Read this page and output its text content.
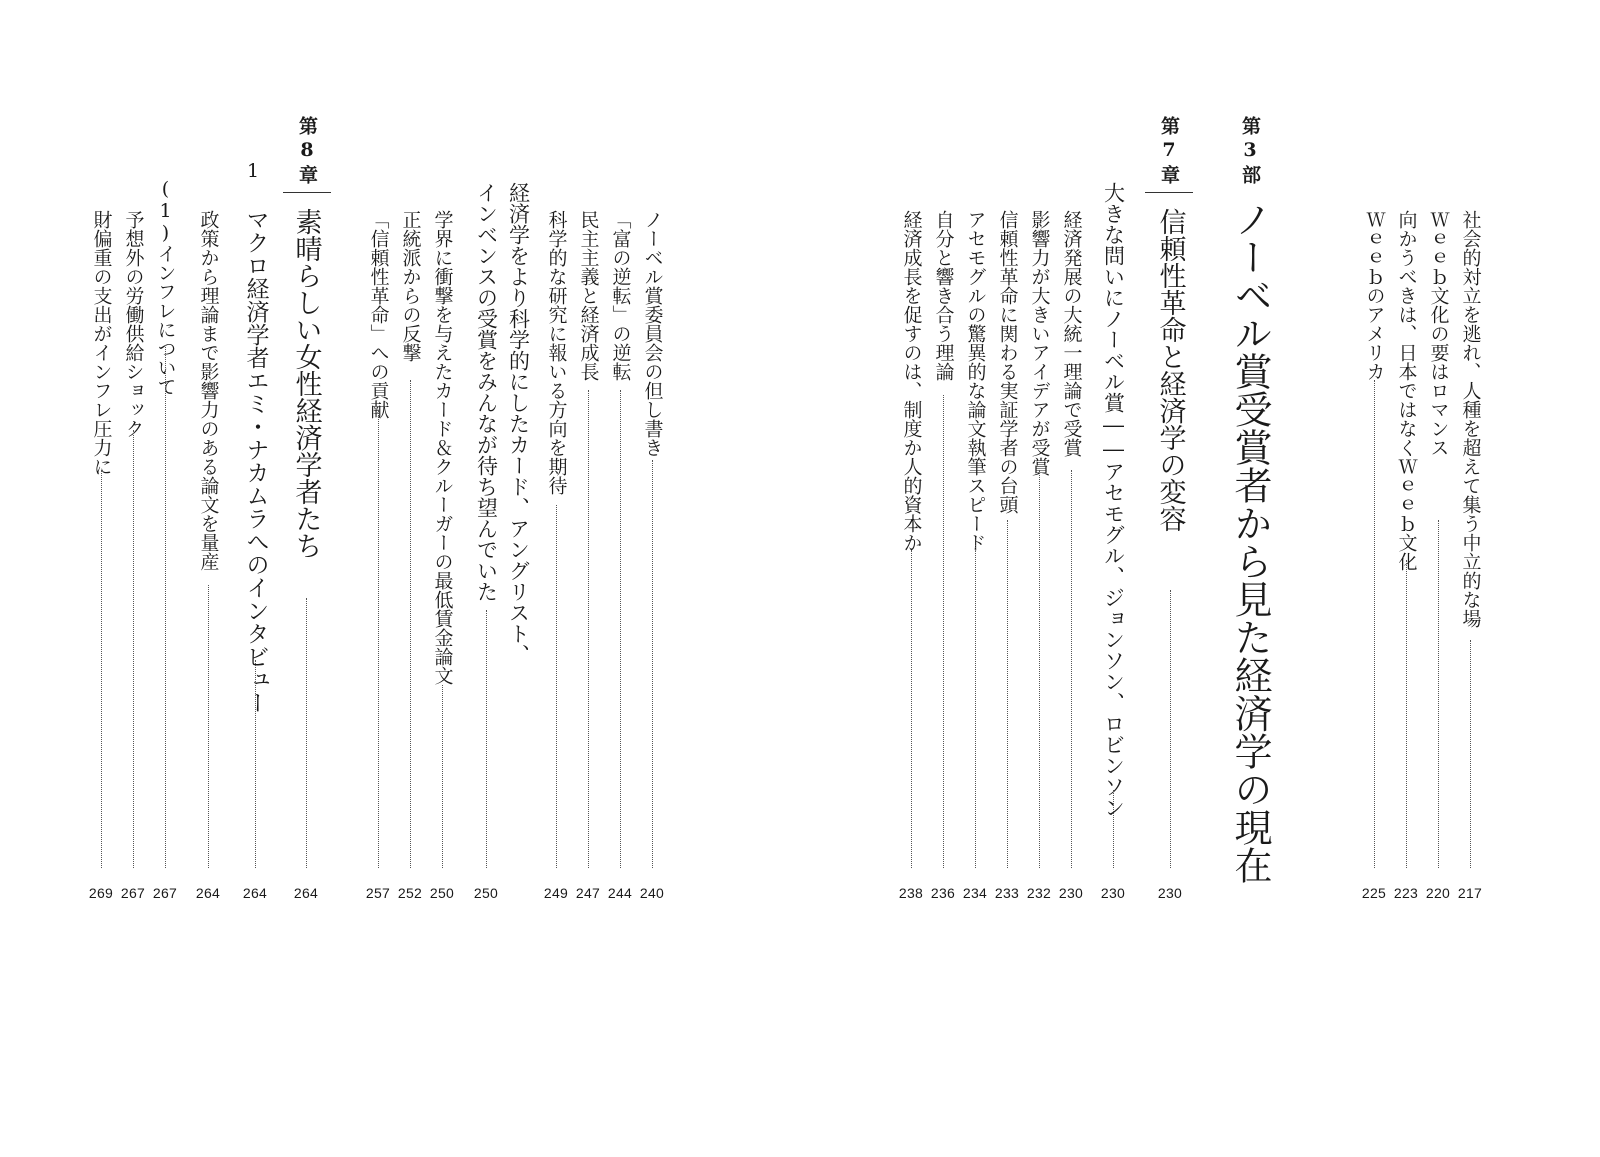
第3部
第7章
第8章
1
社会的対立を逃れ、人種を超えて集う中立的な場
217
Ｗｅｅｂ文化の要はロマンス
220
向かうべきは、日本ではなくＷｅｅｂ文化
223
Ｗｅｅｂのアメリカ
225
ノーベル賞受賞者から見た経済学の現在
信頼性革命と経済学の変容
230
大きな問いにノーベル賞――アセモグル、ジョンソン、ロビンソン
230
経済発展の大統一理論で受賞
230
影響力が大きいアイデアが受賞
232
信頼性革命に関わる実証学者の台頭
233
アセモグルの驚異的な論文執筆スピード
234
自分と響き合う理論
236
経済成長を促すのは、制度か人的資本か
238
ノーベル賞委員会の但し書き
240
「富の逆転」の逆転
244
民主主義と経済成長
247
科学的な研究に報いる方向を期待
249
経済学をより科学的にしたカード、アングリスト、
インベンスの受賞をみんなが待ち望んでいた
250
学界に衝撃を与えたカード＆クルーガーの最低賃金論文
250
正統派からの反撃
252
「信頼性革命」への貢献
257
素晴らしい女性経済学者たち
264
マクロ経済学者エミ・ナカムラへのインタビュー
264
政策から理論まで影響力のある論文を量産
264
(1)インフレについて
267
予想外の労働供給ショック
267
財偏重の支出がインフレ圧力に
269
